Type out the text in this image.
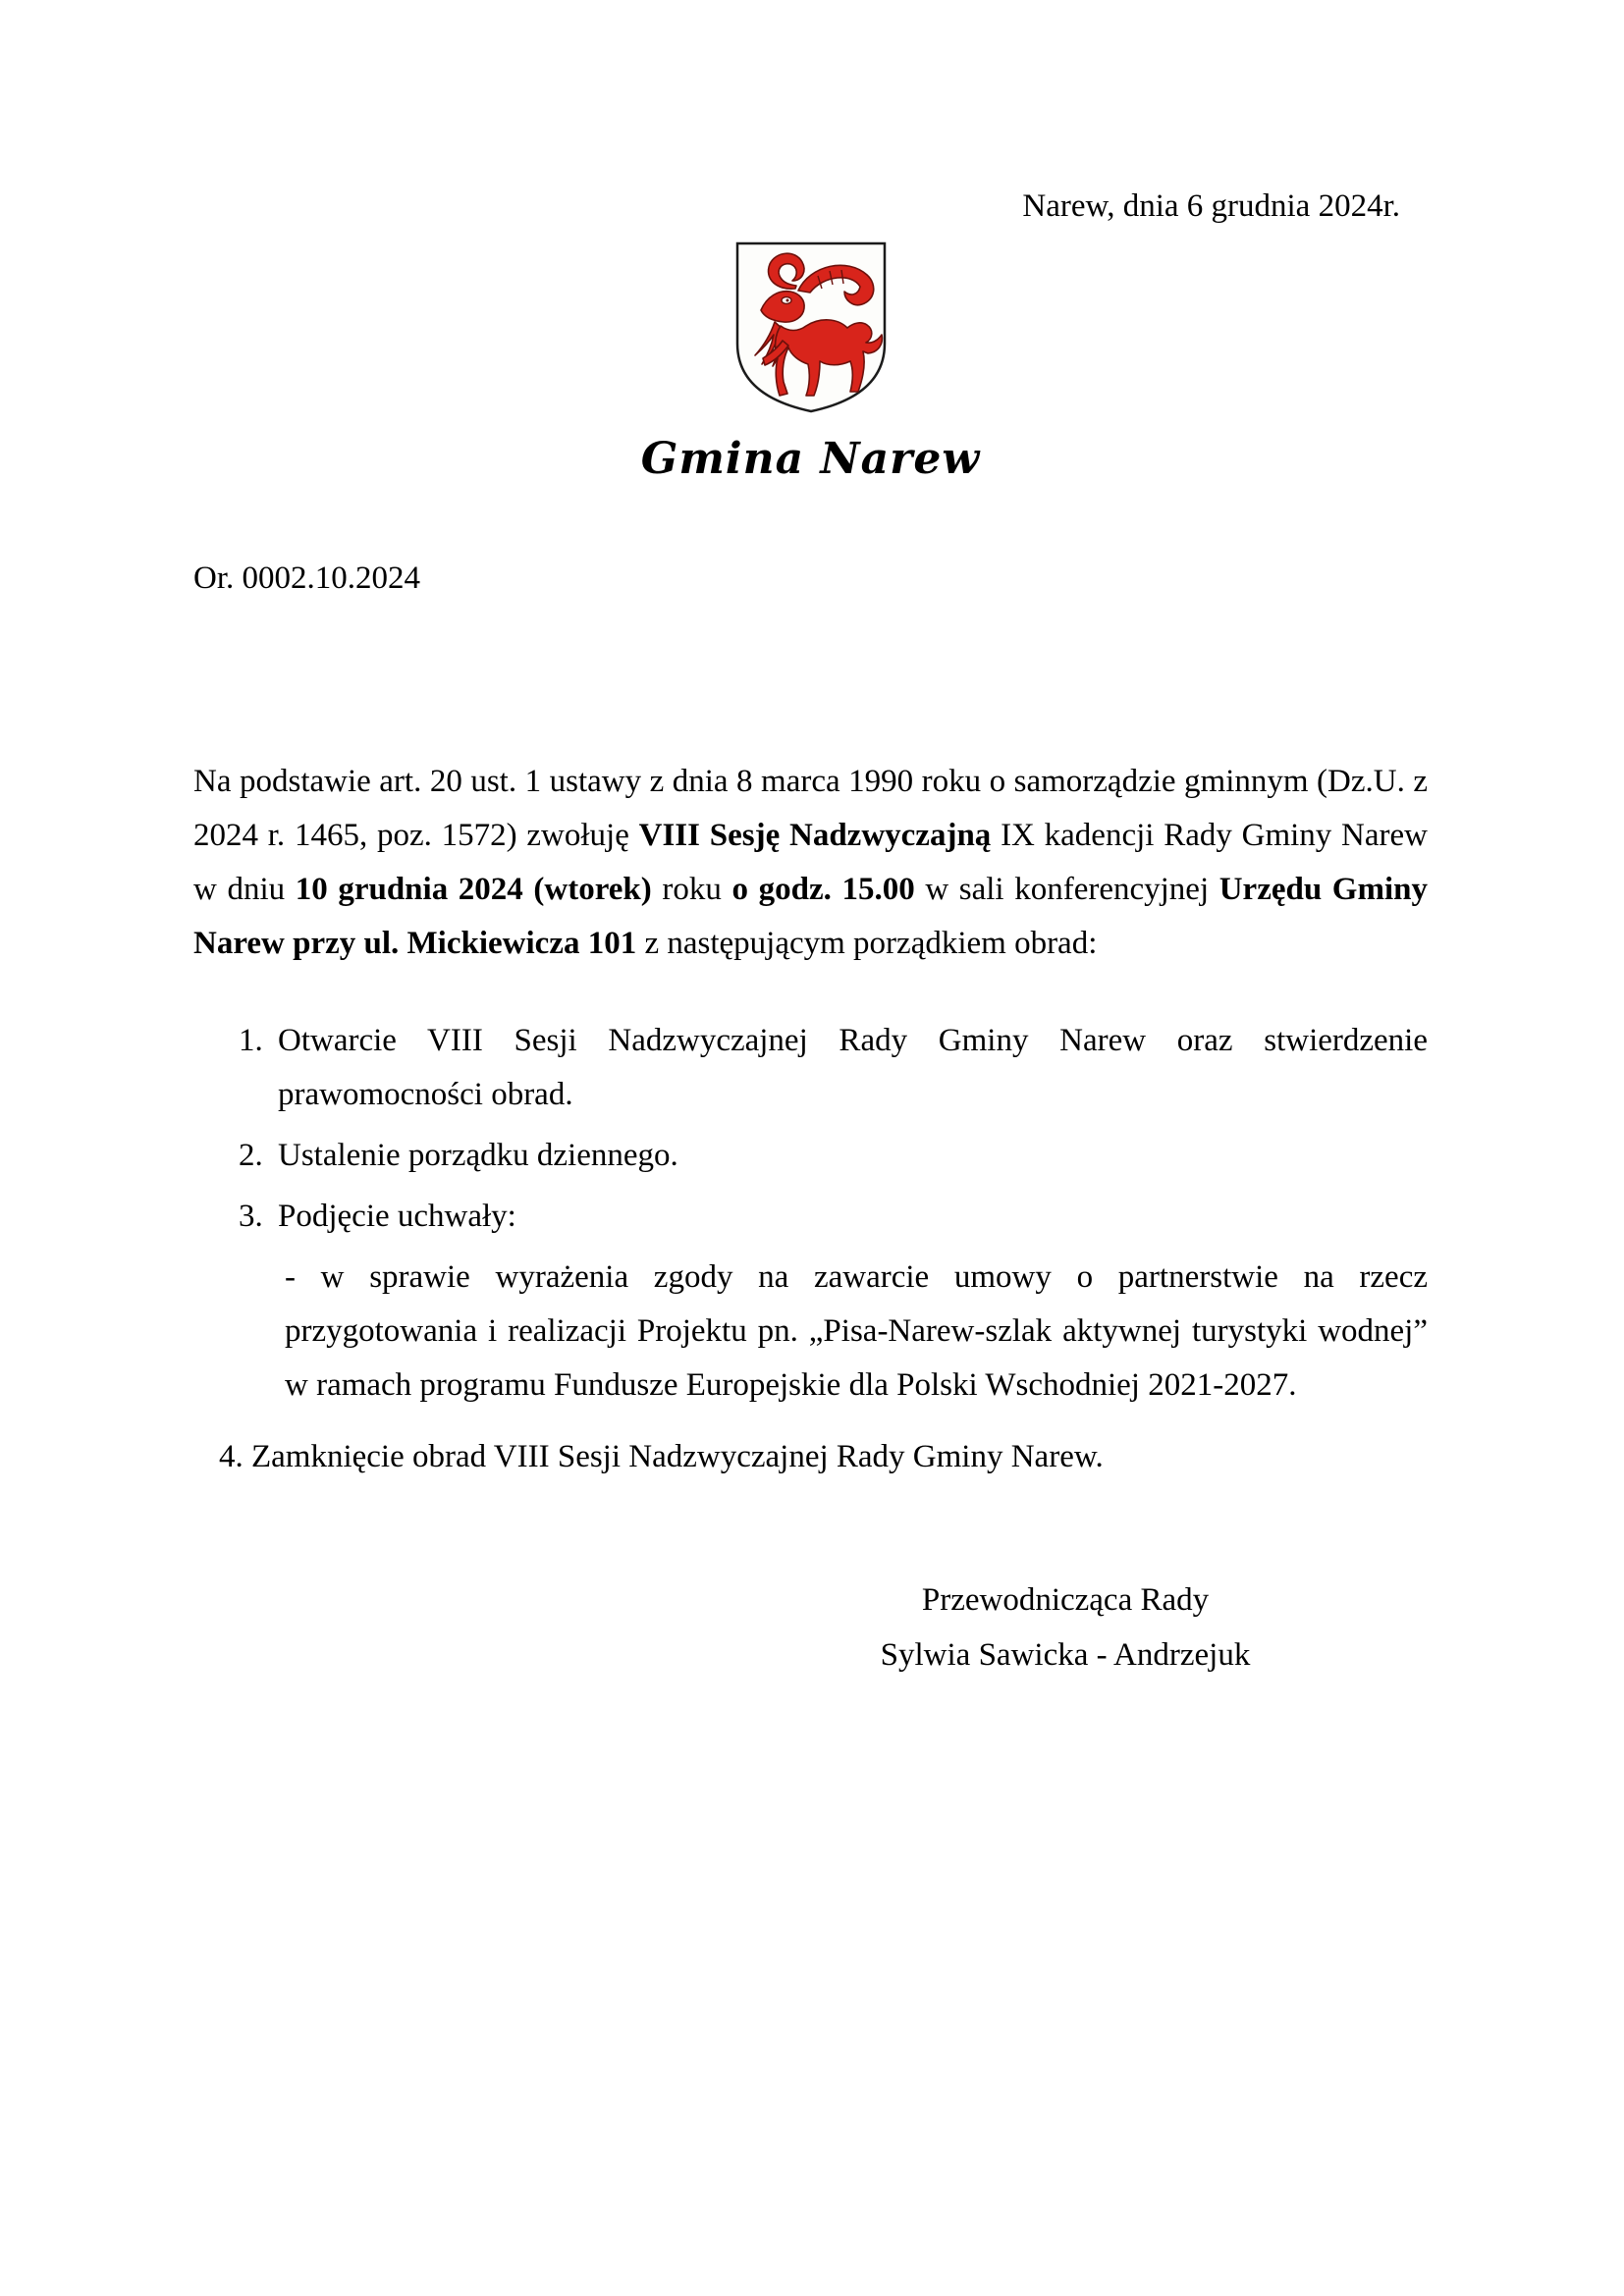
Narew, dnia 6 grudnia 2024r.
Gmina Narew
Or. 0002.10.2024

Na podstawie art. 20 ust. 1 ustawy z dnia 8 marca 1990 roku o samorządzie gminnym (Dz.U. z 2024 r. 1465, poz. 1572) zwołuję VIII Sesję Nadzwyczajną IX kadencji Rady Gminy Narew w dniu 10 grudnia 2024 (wtorek) roku o godz. 15.00 w sali konferencyjnej Urzędu Gminy Narew przy ul. Mickiewicza 101 z następującym porządkiem obrad:

1. Otwarcie VIII Sesji Nadzwyczajnej Rady Gminy Narew oraz stwierdzenie prawomocności obrad.
2. Ustalenie porządku dziennego.
3. Podjęcie uchwały:
- w sprawie wyrażenia zgody na zawarcie umowy o partnerstwie na rzecz przygotowania i realizacji Projektu pn. „Pisa-Narew-szlak aktywnej turystyki wodnej” w ramach programu Fundusze Europejskie dla Polski Wschodniej 2021-2027.

4. Zamknięcie obrad VIII Sesji Nadzwyczajnej Rady Gminy Narew.

Przewodnicząca Rady
Sylwia Sawicka - Andrzejuk
